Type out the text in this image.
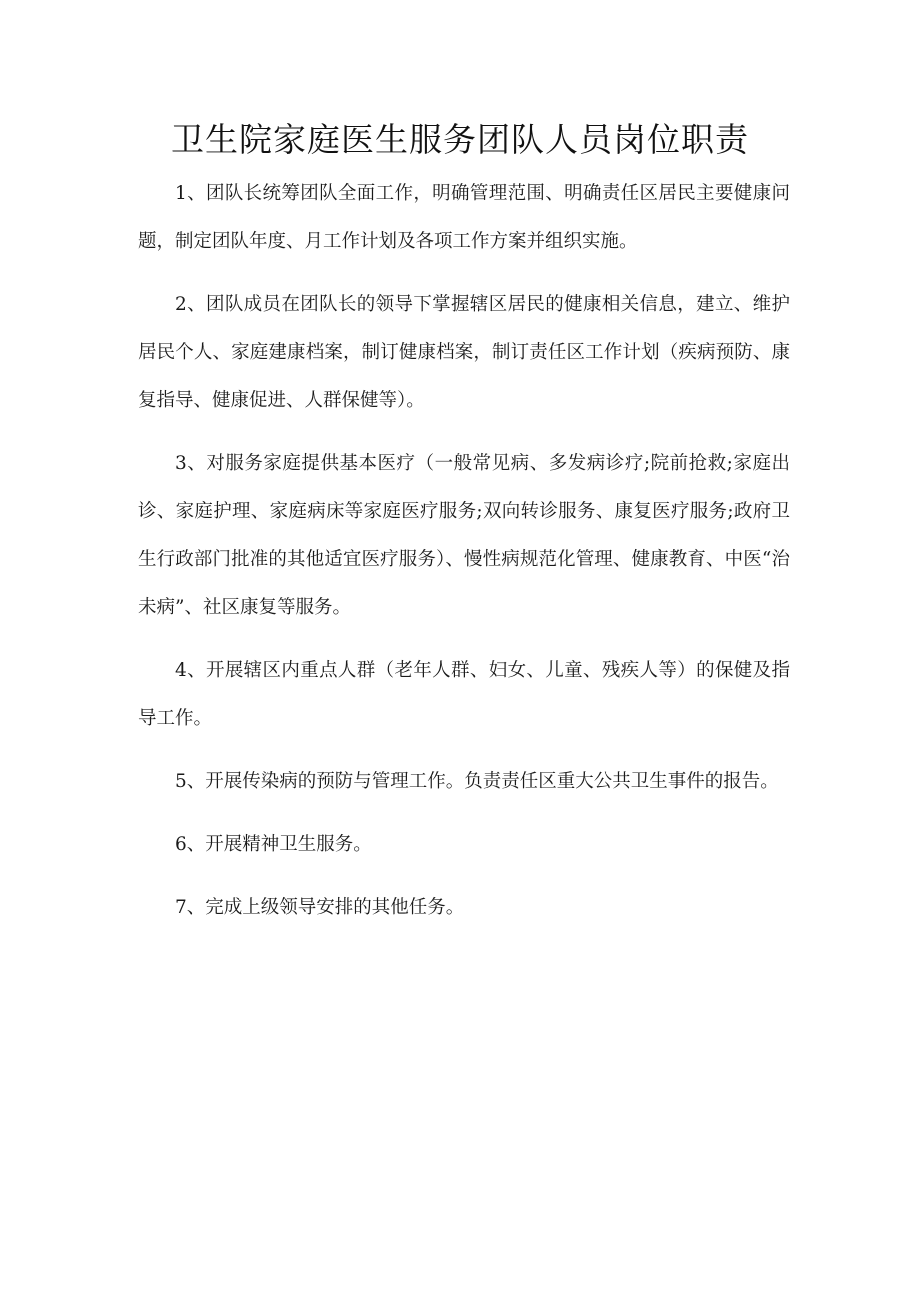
卫生院家庭医生服务团队人员岗位职责

1、团队长统筹团队全面工作，明确管理范围、明确责任区居民主要健康问题，制定团队年度、月工作计划及各项工作方案并组织实施。

2、团队成员在团队长的领导下掌握辖区居民的健康相关信息，建立、维护居民个人、家庭建康档案，制订健康档案，制订责任区工作计划（疾病预防、康复指导、健康促进、人群保健等）。

3、对服务家庭提供基本医疗（一般常见病、多发病诊疗;院前抢救;家庭出诊、家庭护理、家庭病床等家庭医疗服务;双向转诊服务、康复医疗服务;政府卫生行政部门批准的其他适宜医疗服务）、慢性病规范化管理、健康教育、中医“治未病”、社区康复等服务。

4、开展辖区内重点人群（老年人群、妇女、儿童、残疾人等）的保健及指导工作。

5、开展传染病的预防与管理工作。负责责任区重大公共卫生事件的报告。

6、开展精神卫生服务。

7、完成上级领导安排的其他任务。
